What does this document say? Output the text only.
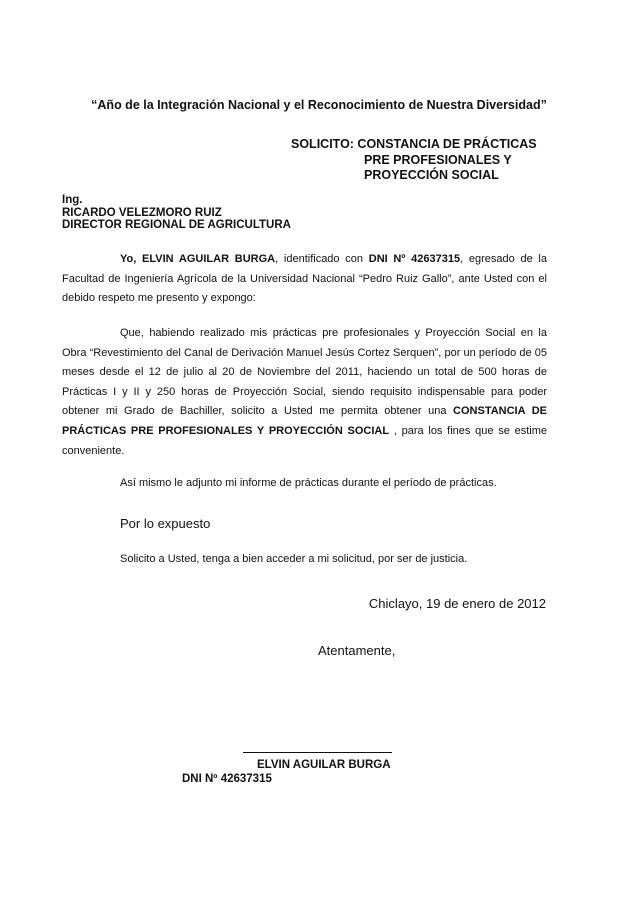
“Año de la Integración Nacional y el Reconocimiento de Nuestra Diversidad”
SOLICITO: CONSTANCIA DE PRÁCTICAS
PRE PROFESIONALES Y
PROYECCIÓN SOCIAL
Ing.
RICARDO VELEZMORO RUIZ
DIRECTOR REGIONAL DE AGRICULTURA
Yo, ELVIN AGUILAR BURGA, identificado con DNI Nº 42637315, egresado de la Facultad de Ingeniería Agrícola de la Universidad Nacional “Pedro Ruiz Gallo”, ante Usted con el debido respeto me presento y expongo:
Que, habiendo realizado mis prácticas pre profesionales y Proyección Social en la Obra “Revestimiento del Canal de Derivación Manuel Jesús Cortez Serquen”, por un período de 05 meses desde el 12 de julio al 20 de Noviembre del 2011, haciendo un total de 500 horas de Prácticas I y II y 250 horas de Proyección Social, siendo requisito indispensable para poder obtener mi Grado de Bachiller, solicito a Usted me permita obtener una CONSTANCIA DE PRÁCTICAS PRE PROFESIONALES Y PROYECCIÓN SOCIAL , para los fines que se estime conveniente.
Así mismo le adjunto mi informe de prácticas durante el período de prácticas.
Por lo expuesto
Solicito a Usted, tenga a bien acceder a mi solicitud, por ser de justicia.
Chiclayo, 19 de enero de 2012
Atentamente,
ELVIN AGUILAR BURGA
DNI Nº 42637315
